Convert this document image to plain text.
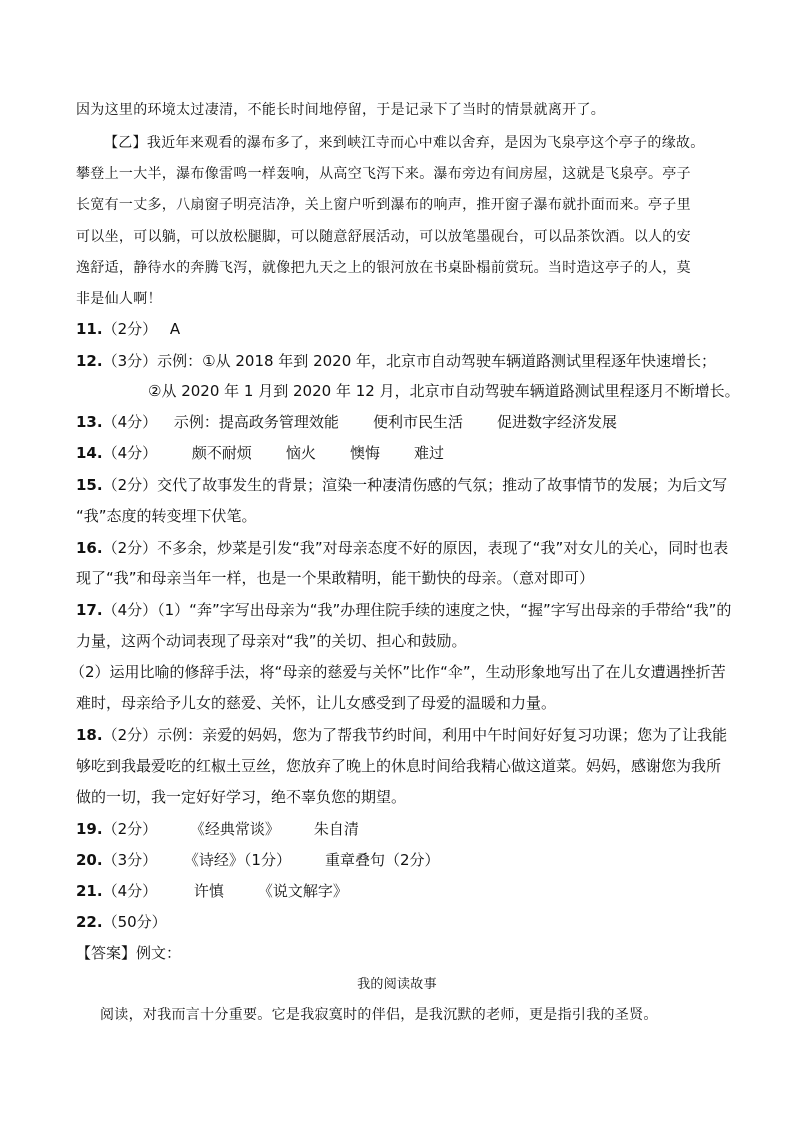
因为这里的环境太过凄清，不能长时间地停留，于是记录下了当时的情景就离开了。
【乙】我近年来观看的瀑布多了，来到峡江寺而心中难以舍弃，是因为飞泉亭这个亭子的缘故。
攀登上一大半，瀑布像雷鸣一样轰响，从高空飞泻下来。瀑布旁边有间房屋，这就是飞泉亭。亭子
长宽有一丈多，八扇窗子明亮洁净，关上窗户听到瀑布的响声，推开窗子瀑布就扑面而来。亭子里
可以坐，可以躺，可以放松腿脚，可以随意舒展活动，可以放笔墨砚台，可以品茶饮酒。以人的安
逸舒适，静待水的奔腾飞泻，就像把九天之上的银河放在书桌卧榻前赏玩。当时造这亭子的人，莫
非是仙人啊！
11.（2分） A
12.（3分）示例：①从 2018 年到 2020 年，北京市自动驾驶车辆道路测试里程逐年快速增长；
②从 2020 年 1 月到 2020 年 12 月，北京市自动驾驶车辆道路测试里程逐月不断增长。
13.（4分） 示例：提高政务管理效能 便利市民生活 促进数字经济发展
14.（4分） 颇不耐烦 恼火 懊悔 难过
15.（2分）交代了故事发生的背景；渲染一种凄清伤感的气氛；推动了故事情节的发展；为后文写
“我”态度的转变埋下伏笔。
16.（2分）不多余，炒菜是引发“我”对母亲态度不好的原因，表现了“我”对女儿的关心，同时也表
现了“我”和母亲当年一样，也是一个果敢精明，能干勤快的母亲。（意对即可）
17.（4分）（1）“奔”字写出母亲为“我”办理住院手续的速度之快，“握”字写出母亲的手带给“我”的
力量，这两个动词表现了母亲对“我”的关切、担心和鼓励。
（2）运用比喻的修辞手法，将“母亲的慈爱与关怀”比作“伞”，生动形象地写出了在儿女遭遇挫折苦
难时，母亲给予儿女的慈爱、关怀，让儿女感受到了母爱的温暖和力量。
18.（2分）示例：亲爱的妈妈，您为了帮我节约时间，利用中午时间好好复习功课；您为了让我能
够吃到我最爱吃的红椒土豆丝，您放弃了晚上的休息时间给我精心做这道菜。妈妈，感谢您为我所
做的一切，我一定好好学习，绝不辜负您的期望。
19.（2分） 《经典常谈》 朱自清
20.（3分） 《诗经》（1分） 重章叠句（2分）
21.（4分） 许慎 《说文解字》
22.（50分）
【答案】例文：
我的阅读故事
阅读，对我而言十分重要。它是我寂寞时的伴侣，是我沉默的老师，更是指引我的圣贤。
